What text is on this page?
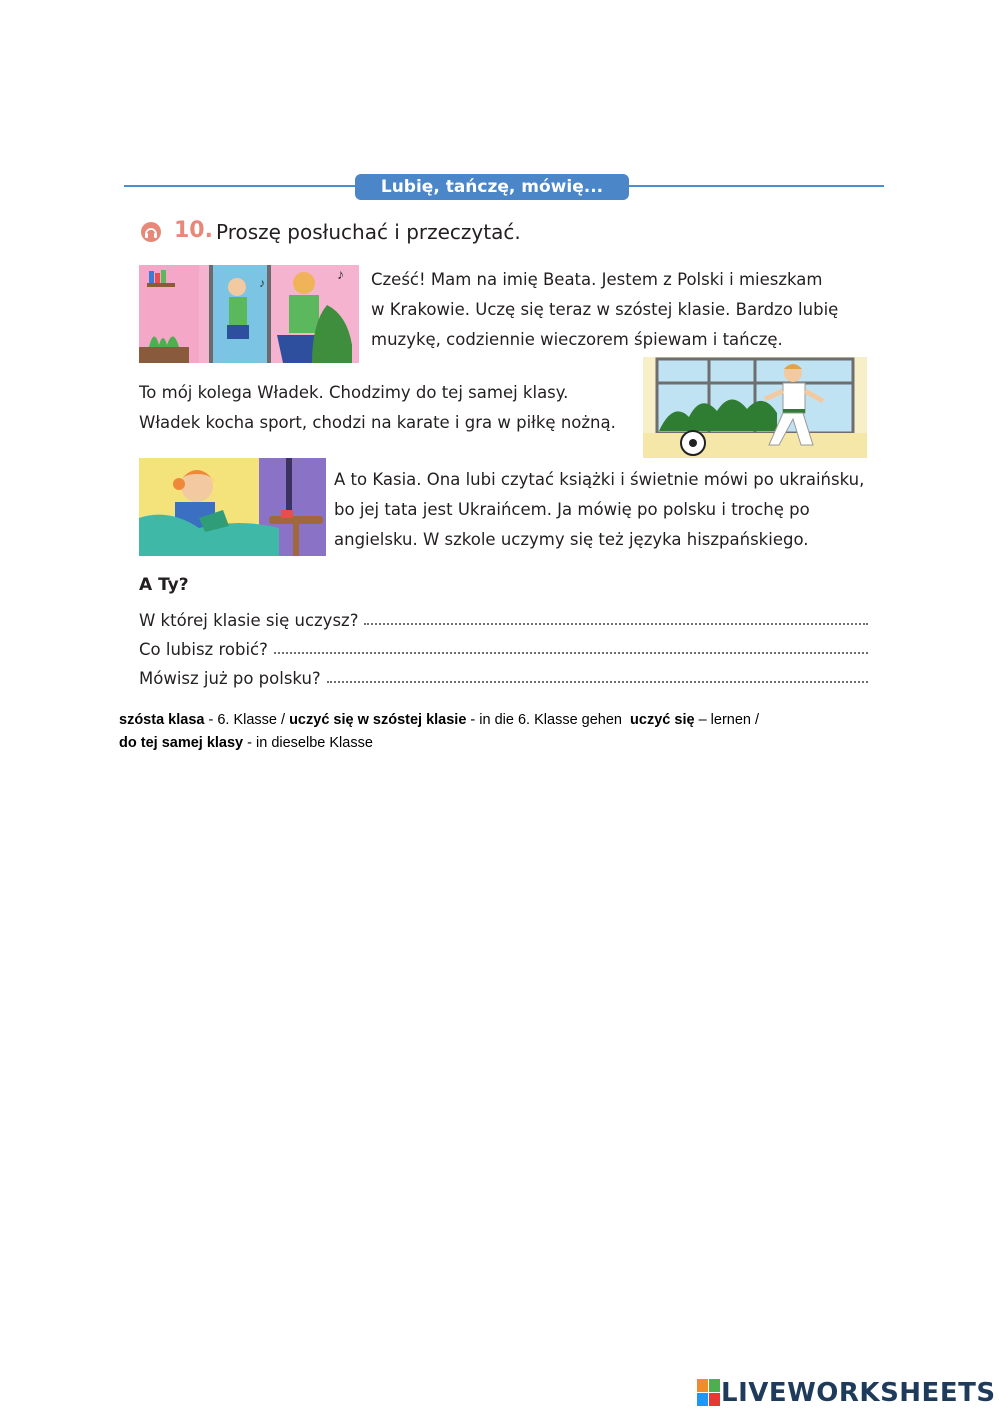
Lubię, tańczę, mówię...
10. Proszę posłuchać i przeczytać.
♪
♪	Cześć! Mam na imię Beata. Jestem z Polski i mieszkam
w Krakowie. Uczę się teraz w szóstej klasie. Bardzo lubię
muzykę, codziennie wieczorem śpiewam i tańczę.
To mój kolega Władek. Chodzimy do tej samej klasy.
Władek kocha sport, chodzi na karate i gra w piłkę nożną.
A to Kasia. Ona lubi czytać książki i świetnie mówi po ukraińsku,
bo jej tata jest Ukraińcem. Ja mówię po polsku i trochę po
angielsku. W szkole uczymy się też języka hiszpańskiego.
A Ty?
W której klasie się uczysz?
Co lubisz robić?
Mówisz już po polsku?
szósta klasa - 6. Klasse / uczyć się w szóstej klasie - in die 6. Klasse gehen  uczyć się – lernen /
do tej samej klasy - in dieselbe Klasse
LIVEWORKSHEETS
